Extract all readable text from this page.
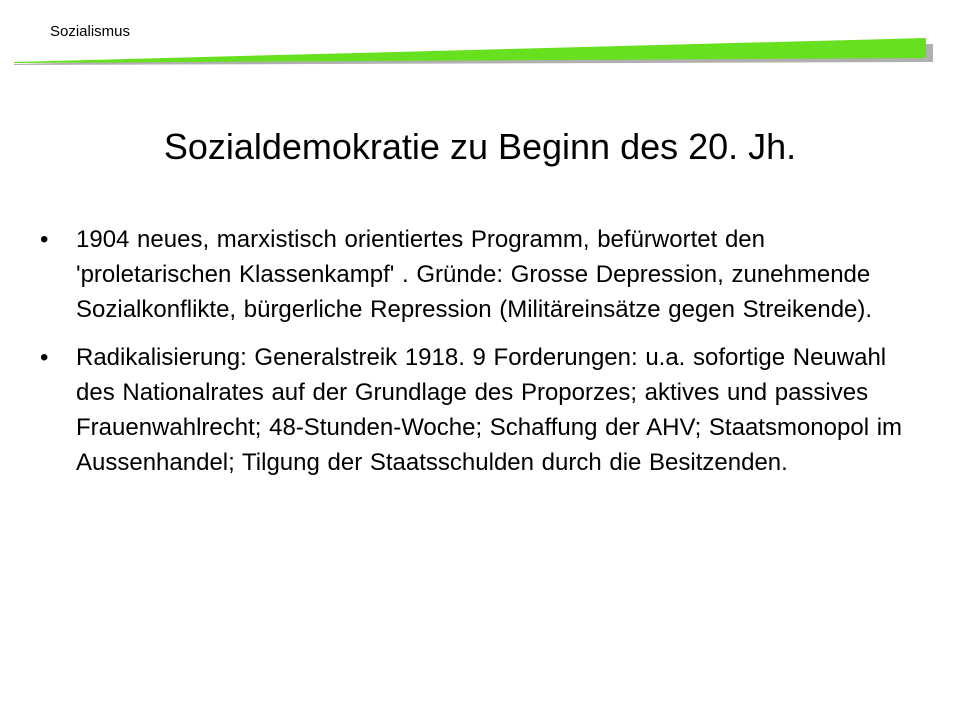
Sozialismus
Sozialdemokratie zu Beginn des 20. Jh.
•	1904 neues, marxistisch orientiertes Programm, befürwortet den 'proletarischen Klassenkampf' . Gründe: Grosse Depression, zunehmende Sozialkonflikte, bürgerliche Repression (Militäreinsätze gegen Streikende).
•	Radikalisierung: Generalstreik 1918. 9 Forderungen: u.a. sofortige Neuwahl des Nationalrates auf der Grundlage des Proporzes; aktives und passives Frauenwahlrecht; 48-Stunden-Woche; Schaffung der AHV; Staatsmonopol im Aussenhandel; Tilgung der Staatsschulden durch die Besitzenden.
